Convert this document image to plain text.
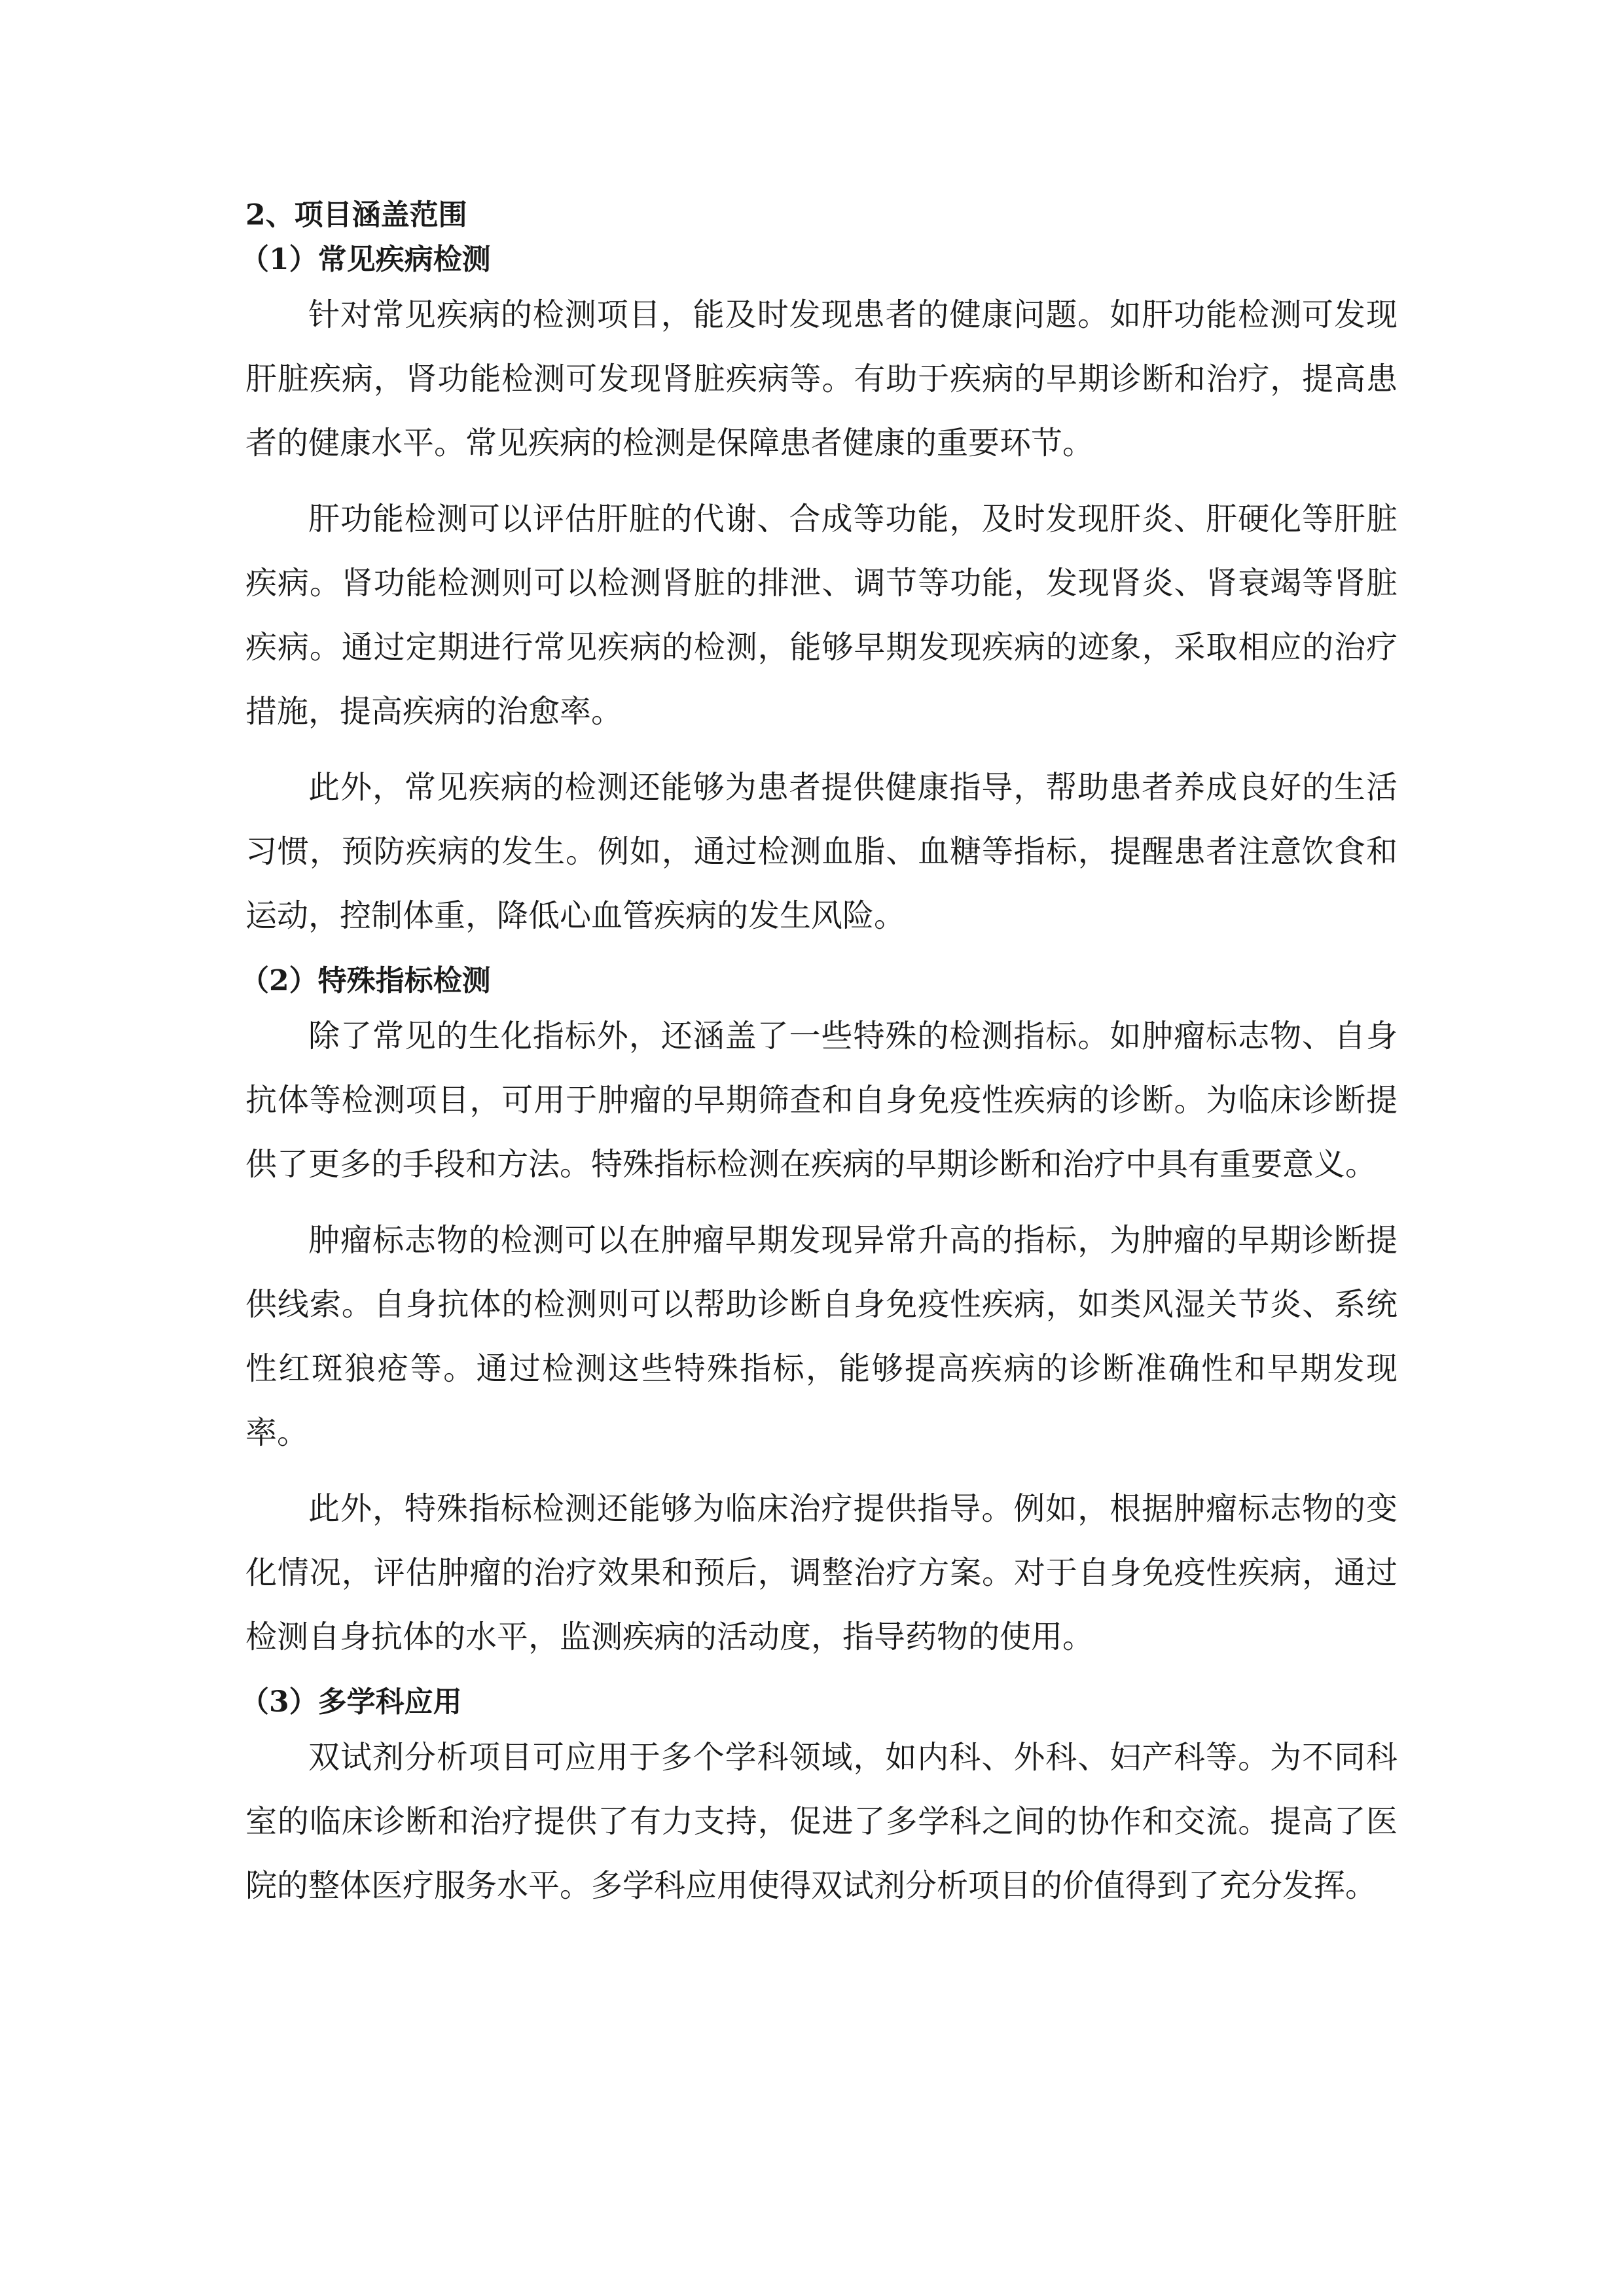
2、项目涵盖范围
（1）常见疾病检测

针对常见疾病的检测项目，能及时发现患者的健康问题。如肝功能检测可发现肝脏疾病，肾功能检测可发现肾脏疾病等。有助于疾病的早期诊断和治疗，提高患者的健康水平。常见疾病的检测是保障患者健康的重要环节。

肝功能检测可以评估肝脏的代谢、合成等功能，及时发现肝炎、肝硬化等肝脏疾病。肾功能检测则可以检测肾脏的排泄、调节等功能，发现肾炎、肾衰竭等肾脏疾病。通过定期进行常见疾病的检测，能够早期发现疾病的迹象，采取相应的治疗措施，提高疾病的治愈率。

此外，常见疾病的检测还能够为患者提供健康指导，帮助患者养成良好的生活习惯，预防疾病的发生。例如，通过检测血脂、血糖等指标，提醒患者注意饮食和运动，控制体重，降低心血管疾病的发生风险。

（2）特殊指标检测

除了常见的生化指标外，还涵盖了一些特殊的检测指标。如肿瘤标志物、自身抗体等检测项目，可用于肿瘤的早期筛查和自身免疫性疾病的诊断。为临床诊断提供了更多的手段和方法。特殊指标检测在疾病的早期诊断和治疗中具有重要意义。

肿瘤标志物的检测可以在肿瘤早期发现异常升高的指标，为肿瘤的早期诊断提供线索。自身抗体的检测则可以帮助诊断自身免疫性疾病，如类风湿关节炎、系统性红斑狼疮等。通过检测这些特殊指标，能够提高疾病的诊断准确性和早期发现率。

此外，特殊指标检测还能够为临床治疗提供指导。例如，根据肿瘤标志物的变化情况，评估肿瘤的治疗效果和预后，调整治疗方案。对于自身免疫性疾病，通过检测自身抗体的水平，监测疾病的活动度，指导药物的使用。

（3）多学科应用

双试剂分析项目可应用于多个学科领域，如内科、外科、妇产科等。为不同科室的临床诊断和治疗提供了有力支持，促进了多学科之间的协作和交流。提高了医院的整体医疗服务水平。多学科应用使得双试剂分析项目的价值得到了充分发挥。
